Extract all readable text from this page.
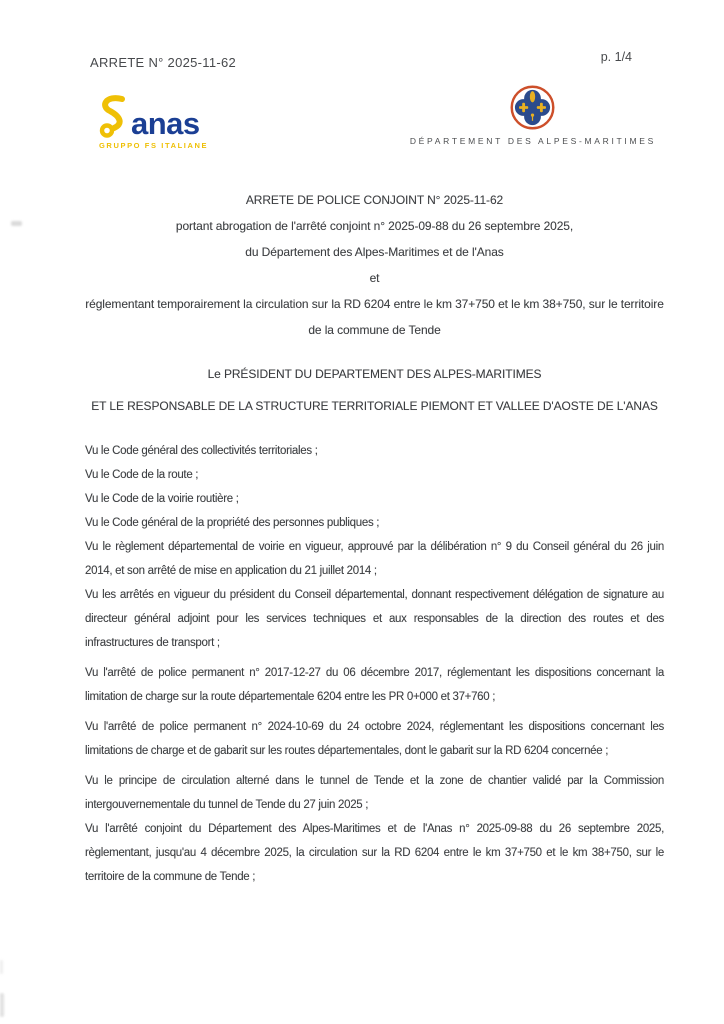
ARRETE N° 2025-11-62	p. 1/4
anas
GRUPPO FS ITALIANE	DÉPARTEMENT DES ALPES-MARITIMES

ARRETE DE POLICE CONJOINT N° 2025-11-62

portant abrogation de l'arrêté conjoint n° 2025-09-88 du 26 septembre 2025,

du Département des Alpes-Maritimes et de l'Anas

et

réglementant temporairement la circulation sur la RD 6204 entre le km 37+750 et le km 38+750, sur le territoire de la commune de Tende

Le PRÉSIDENT DU DEPARTEMENT DES ALPES-MARITIMES

ET LE RESPONSABLE DE LA STRUCTURE TERRITORIALE PIEMONT ET VALLEE D'AOSTE DE L'ANAS

Vu le Code général des collectivités territoriales ;

Vu le Code de la route ;

Vu le Code de la voirie routière ;

Vu le Code général de la propriété des personnes publiques ;

Vu le règlement départemental de voirie en vigueur, approuvé par la délibération n° 9 du Conseil général du 26 juin 2014, et son arrêté de mise en application du 21 juillet 2014 ;

Vu les arrêtés en vigueur du président du Conseil départemental, donnant respectivement délégation de signature au directeur général adjoint pour les services techniques et aux responsables de la direction des routes et des infrastructures de transport ;

Vu l'arrêté de police permanent n° 2017-12-27 du 06 décembre 2017, réglementant les dispositions concernant la limitation de charge sur la route départementale 6204 entre les PR 0+000 et 37+760 ;

Vu l'arrêté de police permanent n° 2024-10-69 du 24 octobre 2024, réglementant les dispositions concernant les limitations de charge et de gabarit sur les routes départementales, dont le gabarit sur la RD 6204 concernée ;

Vu le principe de circulation alterné dans le tunnel de Tende et la zone de chantier validé par la Commission intergouvernementale du tunnel de Tende du 27 juin 2025 ;

Vu l'arrêté conjoint du Département des Alpes-Maritimes et de l'Anas n° 2025-09-88 du 26 septembre 2025, règlementant, jusqu'au 4 décembre 2025, la circulation sur la RD 6204 entre le km 37+750 et le km 38+750, sur le territoire de la commune de Tende ;
